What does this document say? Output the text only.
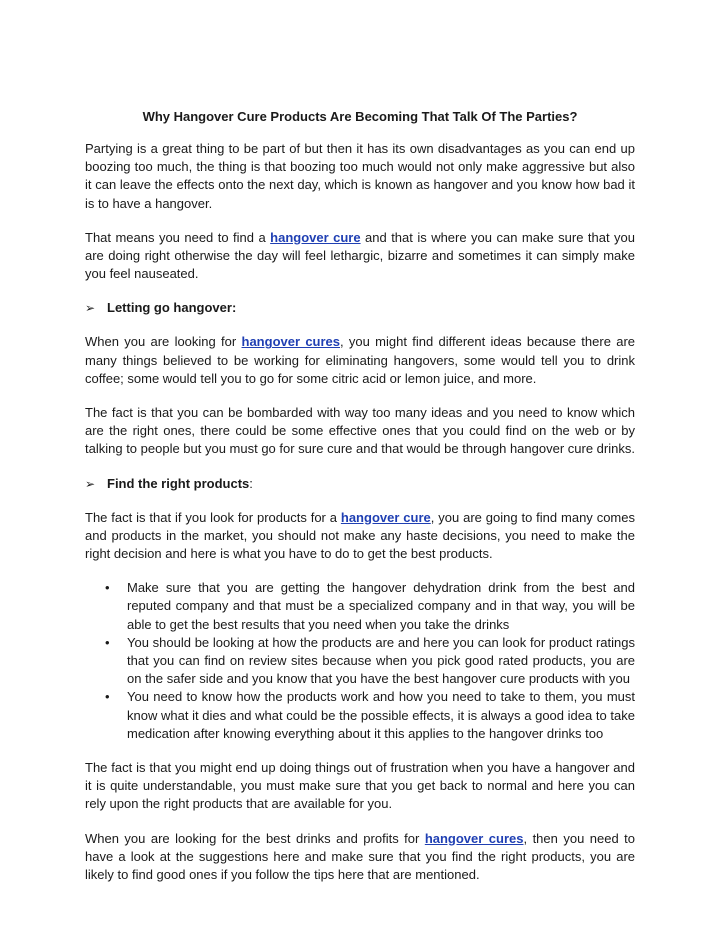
Why Hangover Cure Products Are Becoming That Talk Of The Parties?

Partying is a great thing to be part of but then it has its own disadvantages as you can end up boozing too much, the thing is that boozing too much would not only make aggressive but also it can leave the effects onto the next day, which is known as hangover and you know how bad it is to have a hangover.

That means you need to find a hangover cure and that is where you can make sure that you are doing right otherwise the day will feel lethargic, bizarre and sometimes it can simply make you feel nauseated.

➢ Letting go hangover:

When you are looking for hangover cures, you might find different ideas because there are many things believed to be working for eliminating hangovers, some would tell you to drink coffee; some would tell you to go for some citric acid or lemon juice, and more.

The fact is that you can be bombarded with way too many ideas and you need to know which are the right ones, there could be some effective ones that you could find on the web or by talking to people but you must go for sure cure and that would be through hangover cure drinks.

➢ Find the right products :

The fact is that if you look for products for a hangover cure, you are going to find many comes and products in the market, you should not make any haste decisions, you need to make the right decision and here is what you have to do to get the best products.

• Make sure that you are getting the hangover dehydration drink from the best and reputed company and that must be a specialized company and in that way, you will be able to get the best results that you need when you take the drinks
• You should be looking at how the products are and here you can look for product ratings that you can find on review sites because when you pick good rated products, you are on the safer side and you know that you have the best hangover cure products with you
• You need to know how the products work and how you need to take to them, you must know what it dies and what could be the possible effects, it is always a good idea to take medication after knowing everything about it this applies to the hangover drinks too

The fact is that you might end up doing things out of frustration when you have a hangover and it is quite understandable, you must make sure that you get back to normal and here you can rely upon the right products that are available for you.

When you are looking for the best drinks and profits for hangover cures, then you need to have a look at the suggestions here and make sure that you find the right products, you are likely to find good ones if you follow the tips here that are mentioned.
